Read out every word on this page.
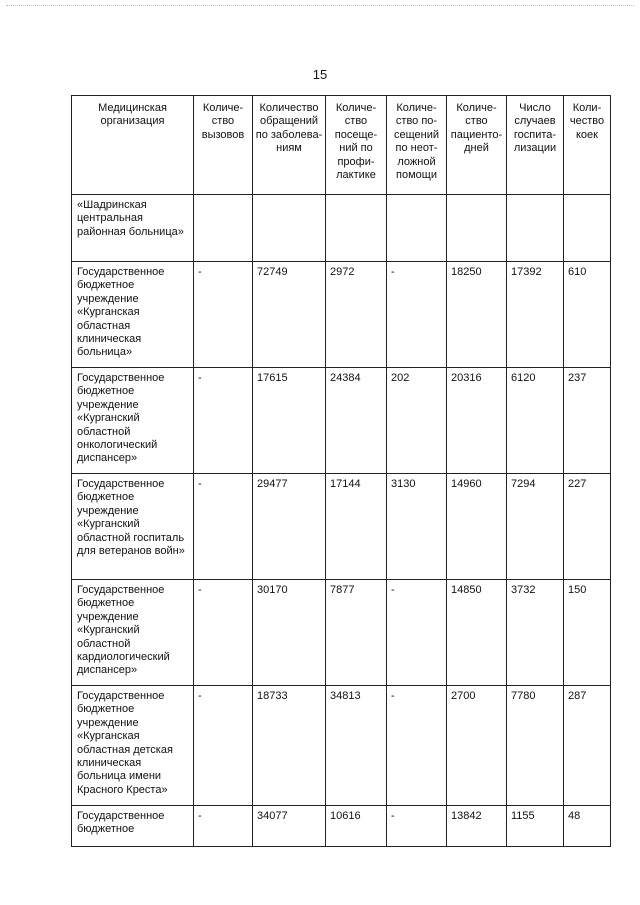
15
Медицинская организация	Количе-ство вызовов	Количество обращений по заболева-ниям	Количе-ство посеще-ний по профи-лактике	Количе-ство по-сещений по неот-ложной помощи	Количе-ство пациенто-дней	Число случаев госпита-лизации	Коли-чество коек
«Шадринская центральная районная больница»							
Государственное бюджетное учреждение «Курганская областная клиническая больница»	-	72749	2972	-	18250	17392	610
Государственное бюджетное учреждение «Курганский областной онкологический диспансер»	-	17615	24384	202	20316	6120	237
Государственное бюджетное учреждение «Курганский областной госпиталь для ветеранов войн»	-	29477	17144	3130	14960	7294	227
Государственное бюджетное учреждение «Курганский областной кардиологический диспансер»	-	30170	7877	-	14850	3732	150
Государственное бюджетное учреждение «Курганская областная детская клиническая больница имени Красного Креста»	-	18733	34813	-	2700	7780	287
Государственное бюджетное	-	34077	10616	-	13842	1155	48
